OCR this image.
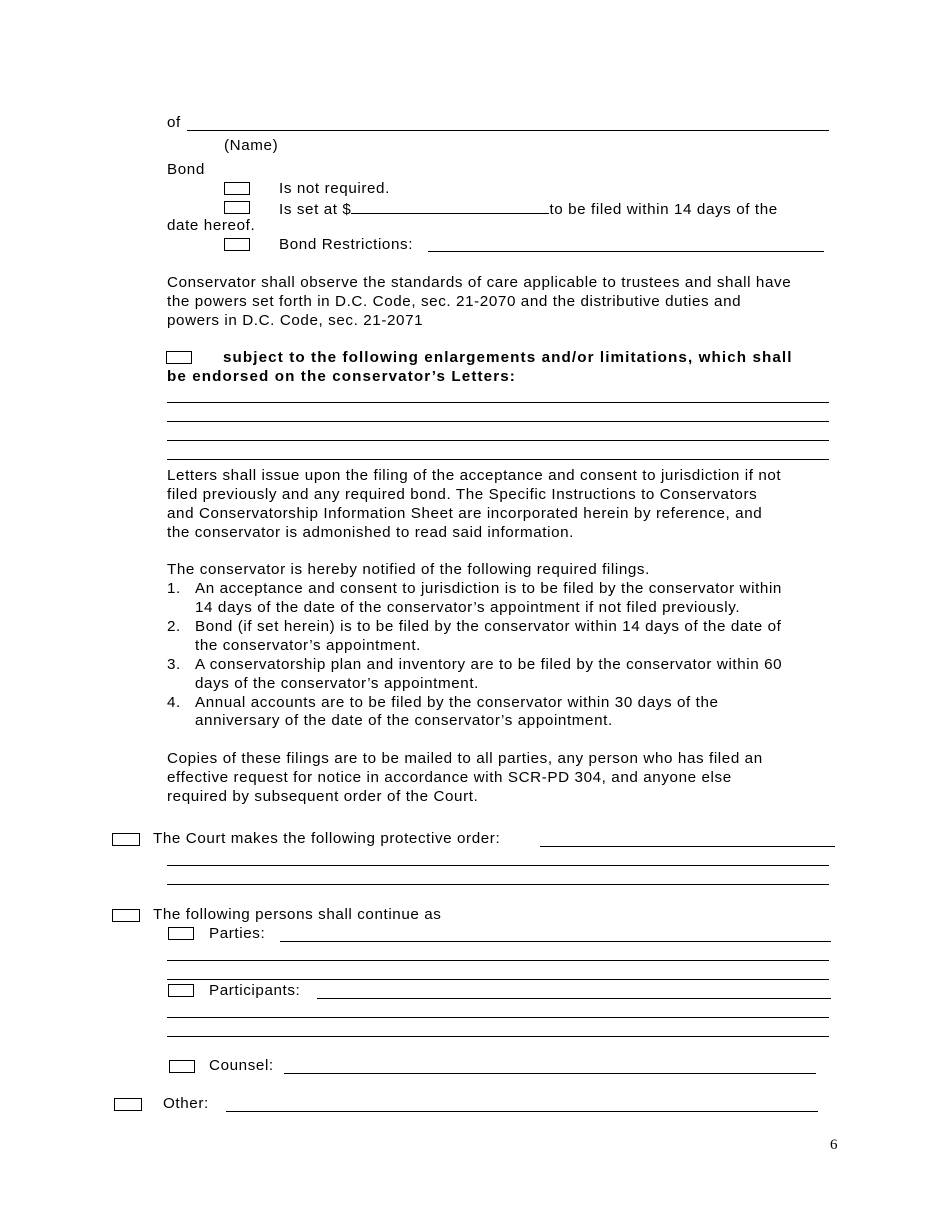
of
(Name)
Bond
Is not required.
Is set at $	to be filed within 14 days of the
date hereof.
Bond Restrictions:
Conservator shall observe the standards of care applicable to trustees and shall have
the powers set forth in D.C. Code, sec. 21-2070 and the distributive duties and
powers in D.C. Code, sec. 21-2071
subject to the following enlargements and/or limitations, which shall
be endorsed on the conservator’s Letters:
Letters shall issue upon the filing of the acceptance and consent to jurisdiction if not
filed previously and any required bond. The Specific Instructions to Conservators
and Conservatorship Information Sheet are incorporated herein by reference, and
the conservator is admonished to read said information.
The conservator is hereby notified of the following required filings.
1. An acceptance and consent to jurisdiction is to be filed by the conservator within
14 days of the date of the conservator’s appointment if not filed previously.
2. Bond (if set herein) is to be filed by the conservator within 14 days of the date of
the conservator’s appointment.
3. A conservatorship plan and inventory are to be filed by the conservator within 60
days of the conservator’s appointment.
4. Annual accounts are to be filed by the conservator within 30 days of the
anniversary of the date of the conservator’s appointment.
Copies of these filings are to be mailed to all parties, any person who has filed an
effective request for notice in accordance with SCR-PD 304, and anyone else
required by subsequent order of the Court.
The Court makes the following protective order:
The following persons shall continue as
Parties:
Participants:
Counsel:
Other:
6
